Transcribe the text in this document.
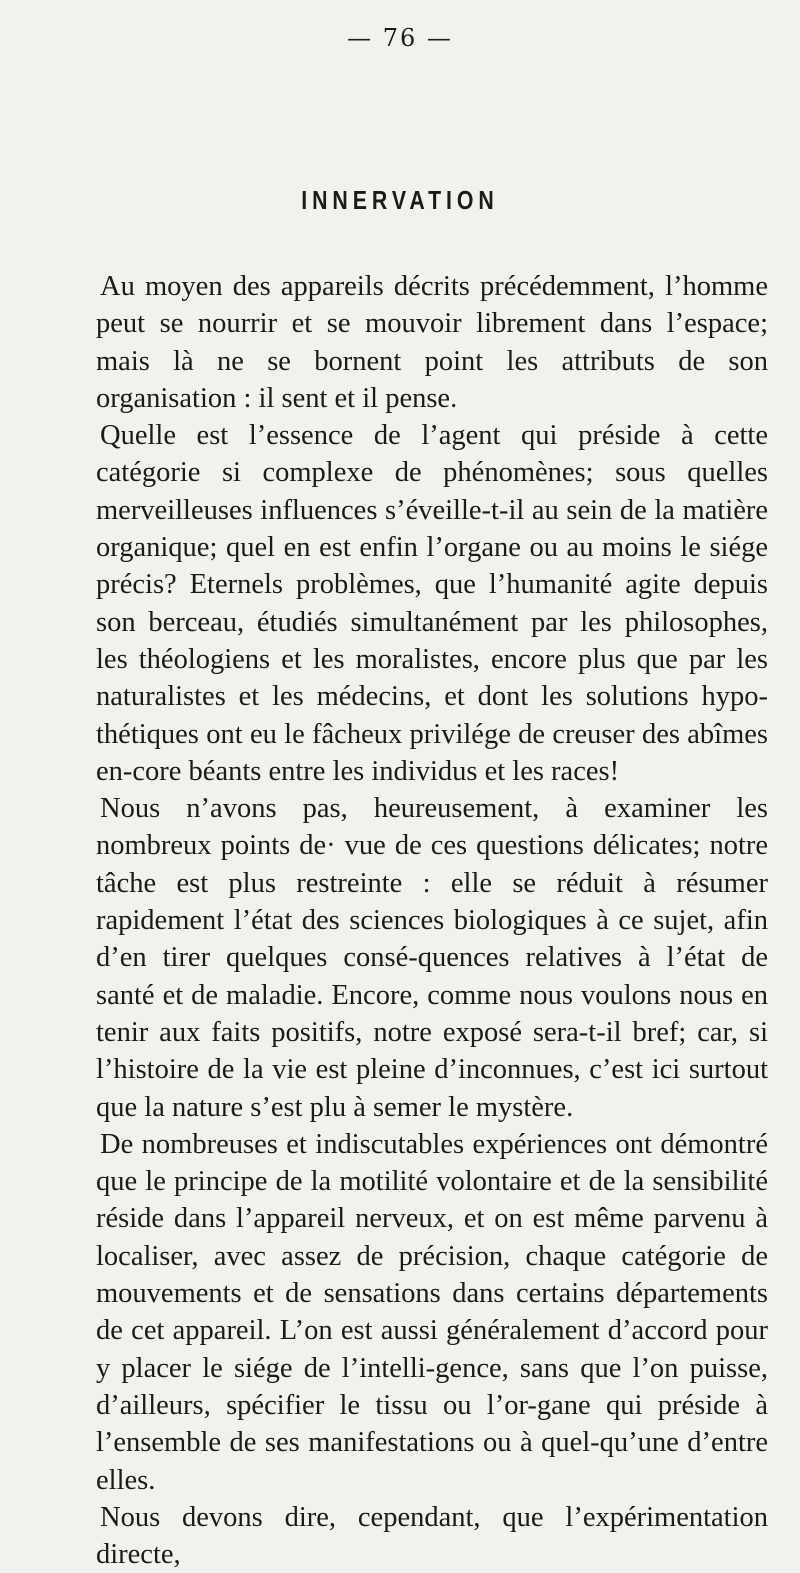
— 76 —
INNERVATION

Au moyen des appareils décrits précédemment, l’homme peut se nourrir et se mouvoir librement dans l’espace; mais là ne se bornent point les attributs de son organisation : il sent et il pense.

Quelle est l’essence de l’agent qui préside à cette catégorie si complexe de phénomènes; sous quelles merveilleuses influences s’éveille-t-il au sein de la matière organique; quel en est enfin l’organe ou au moins le siége précis? Eternels problèmes, que l’humanité agite depuis son berceau, étudiés simultanément par les philosophes, les théologiens et les moralistes, encore plus que par les naturalistes et les médecins, et dont les solutions hypo-thétiques ont eu le fâcheux privilége de creuser des abîmes en-core béants entre les individus et les races!

Nous n’avons pas, heureusement, à examiner les nombreux points de· vue de ces questions délicates; notre tâche est plus restreinte : elle se réduit à résumer rapidement l’état des sciences biologiques à ce sujet, afin d’en tirer quelques consé-quences relatives à l’état de santé et de maladie. Encore, comme nous voulons nous en tenir aux faits positifs, notre exposé sera-t-il bref; car, si l’histoire de la vie est pleine d’inconnues, c’est ici surtout que la nature s’est plu à semer le mystère.

De nombreuses et indiscutables expériences ont démontré que le principe de la motilité volontaire et de la sensibilité réside dans l’appareil nerveux, et on est même parvenu à localiser, avec assez de précision, chaque catégorie de mouvements et de sensations dans certains départements de cet appareil. L’on est aussi généralement d’accord pour y placer le siége de l’intelli-gence, sans que l’on puisse, d’ailleurs, spécifier le tissu ou l’or-gane qui préside à l’ensemble de ses manifestations ou à quel-qu’une d’entre elles.

Nous devons dire, cependant, que l’expérimentation directe,
